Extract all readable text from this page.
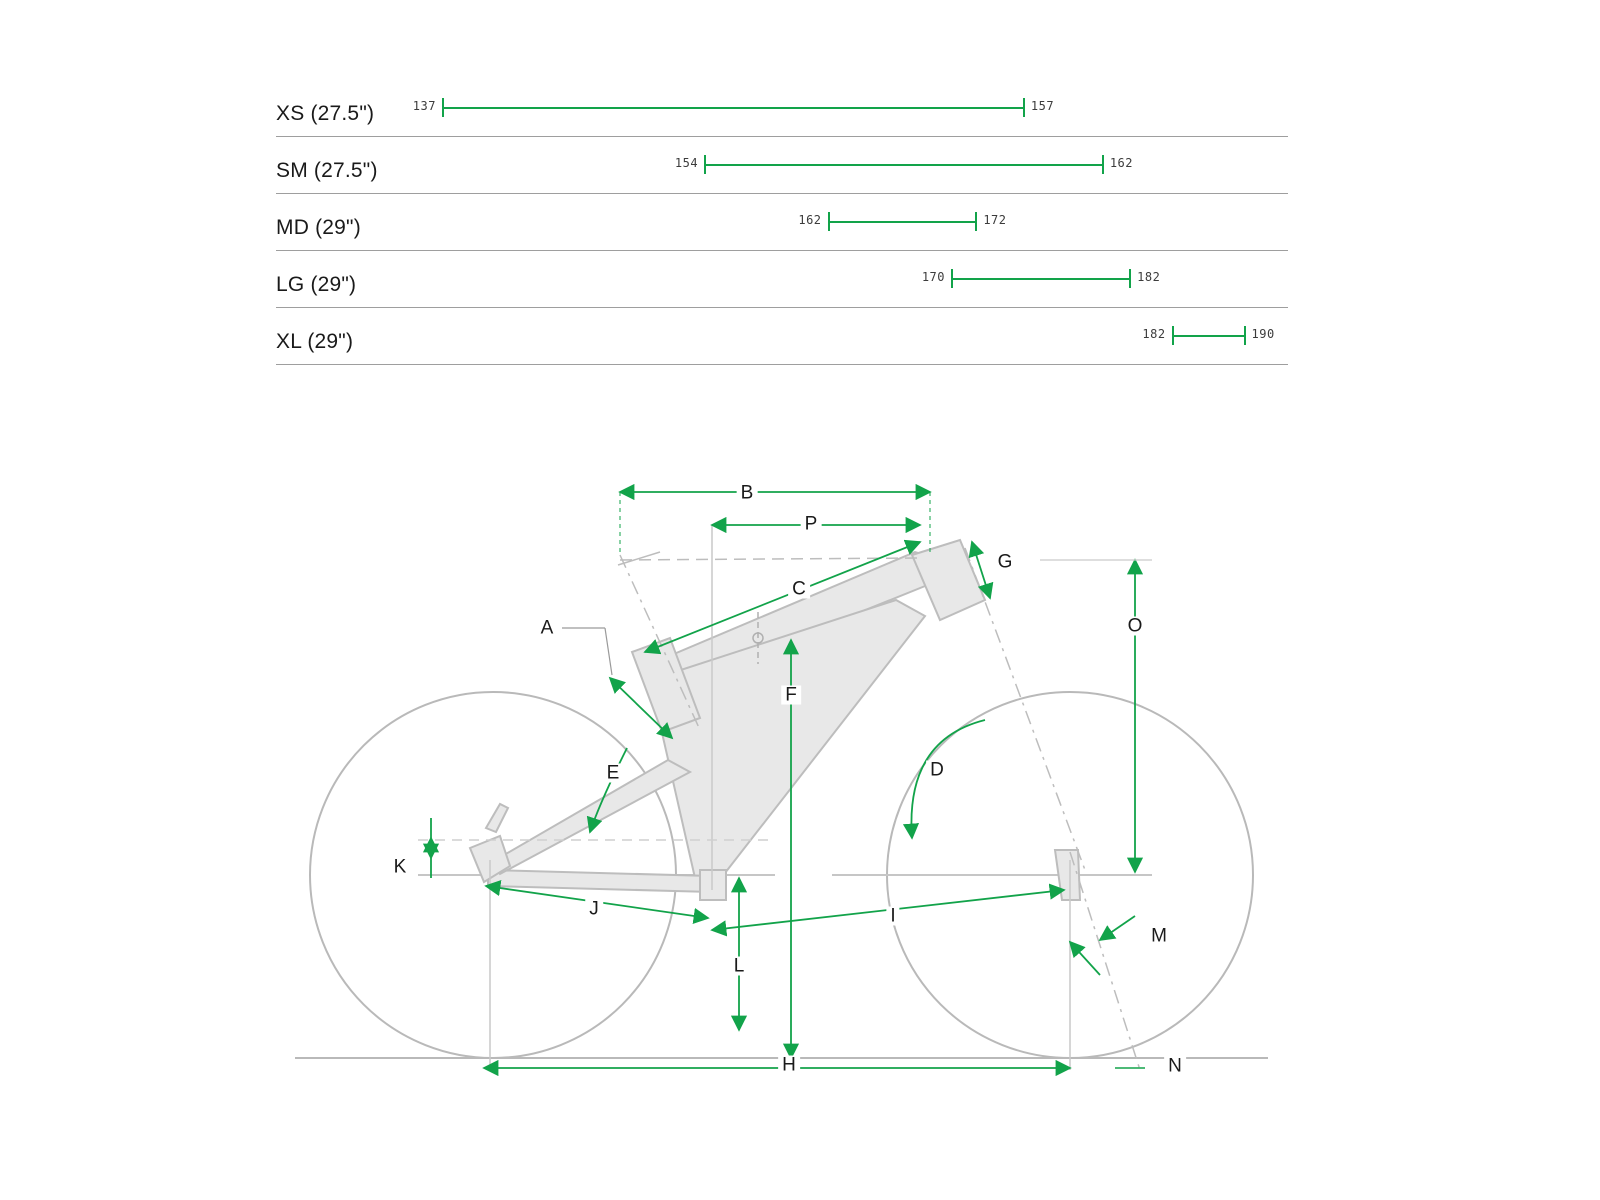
XS (27.5")	137	157
SM (27.5")	154	162
MD (29")	162	172
LG (29")	170	182
XL (29")	182	190
A
B
C
D
E
F
G
H
I
J
K
L
M
N
O
P
